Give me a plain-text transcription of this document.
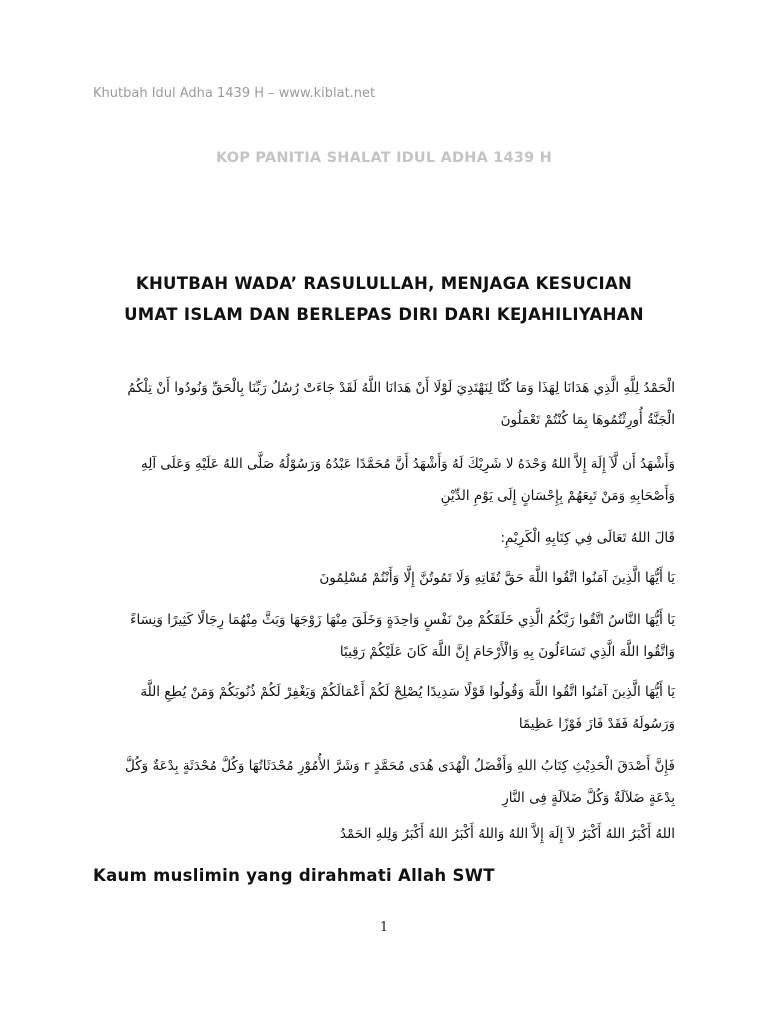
Khutbah Idul Adha 1439 H – www.kiblat.net
KOP PANITIA SHALAT IDUL ADHA 1439 H
KHUTBAH WADA’ RASULULLAH, MENJAGA KESUCIAN
UMAT ISLAM DAN BERLEPAS DIRI DARI KEJAHILIYAHAN
الْحَمْدُ لِلَّهِ الَّذِي هَدَانَا لِهَذَا وَمَا كُنَّا لِنَهْتَدِيَ لَوْلَا أَنْ هَدَانَا اللَّهُ لَقَدْ جَاءَتْ رُسُلُ رَبِّنَا بِالْحَقِّ وَنُودُوا أَنْ تِلْكُمُ
الْجَنَّةُ أُورِثْتُمُوهَا بِمَا كُنْتُمْ تَعْمَلُونَ
وَأَشْهَدُ أَن لَّآ إِلَهَ إِلاَّ اللهُ وَحْدَهُ لا شَرِيْكَ لَهُ وَأَشْهَدُ أَنَّ مُحَمَّدًا عَبْدُهُ وَرَسُوْلُهُ صَلَّى اللهُ عَلَيْهِ وَعَلَى آلِهِ
وَأَصْحَابِهِ وَمَنْ تَبِعَهُمْ بِإِحْسَانٍ إِلَى يَوْمِ الدِّيْنِ
قَالَ اللهُ تَعَالَى فِي كِتَابِهِ الْكَرِيْمِ:
يَا أَيُّهَا الَّذِينَ آمَنُوا اتَّقُوا اللَّهَ حَقَّ تُقَاتِهِ وَلَا تَمُوتُنَّ إِلَّا وَأَنْتُمْ مُسْلِمُونَ
يَا أَيُّهَا النَّاسُ اتَّقُوا رَبَّكُمُ الَّذِي خَلَقَكُمْ مِنْ نَفْسٍ وَاحِدَةٍ وَخَلَقَ مِنْهَا زَوْجَهَا وَبَثَّ مِنْهُمَا رِجَالًا كَثِيرًا وَنِسَاءً
وَاتَّقُوا اللَّهَ الَّذِي تَسَاءَلُونَ بِهِ وَالْأَرْحَامَ إِنَّ اللَّهَ كَانَ عَلَيْكُمْ رَقِيبًا
يَا أَيُّهَا الَّذِينَ آمَنُوا اتَّقُوا اللَّهَ وَقُولُوا قَوْلًا سَدِيدًا يُصْلِحْ لَكُمْ أَعْمَالَكُمْ وَيَغْفِرْ لَكُمْ ذُنُوبَكُمْ وَمَنْ يُطِعِ اللَّهَ
وَرَسُولَهُ فَقَدْ فَازَ فَوْزًا عَظِيمًا
فَإِنَّ أَصْدَقَ الْحَدِيْثِ كِتَابُ اللهِ وَأَفْضَلُ الْهُدَى هُدَى مُحَمَّدٍ r وَشَرَّ الأُمُوْرِ مُحْدَثَاتُهَا وَكُلَّ مُحْدَثَةٍ بِدْعَةٌ وَكُلَّ
بِدْعَةٍ ضَلاَلَةٌ وَكُلَّ ضَلاَلَةٍ فِى النَّارِ
اللهُ أَكْبَرُ اللهُ أَكْبَرُ لاَ إِلَهَ إِلاَّ اللهُ وَاللهُ أَكْبَرُ اللهُ أَكْبَرُ وَلِلهِ الحَمْدُ
Kaum muslimin yang dirahmati Allah SWT
1
